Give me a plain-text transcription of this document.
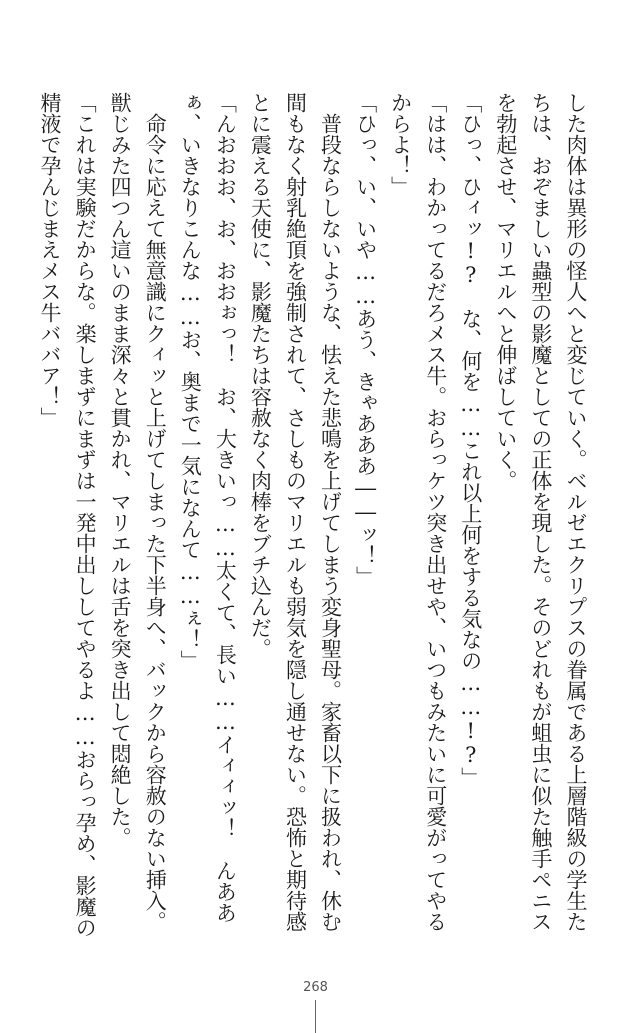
した肉体は異形の怪人へと変じていく。ベルゼエクリプスの眷属である上層階級の学生た
ちは、おぞましい蟲型の影魔としての正体を現した。そのどれもが蛆虫に似た触手ペニス
を勃起させ、マリエルへと伸ばしていく。
「ひっ、ひィッ!?　な、何を……これ以上何をする気なの……!?」
「はは、わかってるだろメス牛。おらっケツ突き出せや、いつもみたいに可愛がってやる
からよ！」
「ひっ、い、いや……あう、きゃあああ――ッ！」
　普段ならしないような、怯えた悲鳴を上げてしまう変身聖母。家畜以下に扱われ、休む
間もなく射乳絶頂を強制されて、さしものマリエルも弱気を隠し通せない。恐怖と期待感
とに震える天使に、影魔たちは容赦なく肉棒をブチ込んだ。
「んおおお、お、おおぉっ！　お、大きいっ……太くて、長い……イィィッ！　んああ
ぁ、いきなりこんな……お、奥まで一気になんて……ぇ！」
　命令に応えて無意識にクィッと上げてしまった下半身へ、バックから容赦のない挿入。
獣じみた四つん這いのまま深々と貫かれ、マリエルは舌を突き出して悶絶した。
「これは実験だからな。楽しまずにまずは一発中出ししてやるよ……おらっ孕め、影魔の
精液で孕んじまえメス牛ババア！」
268
